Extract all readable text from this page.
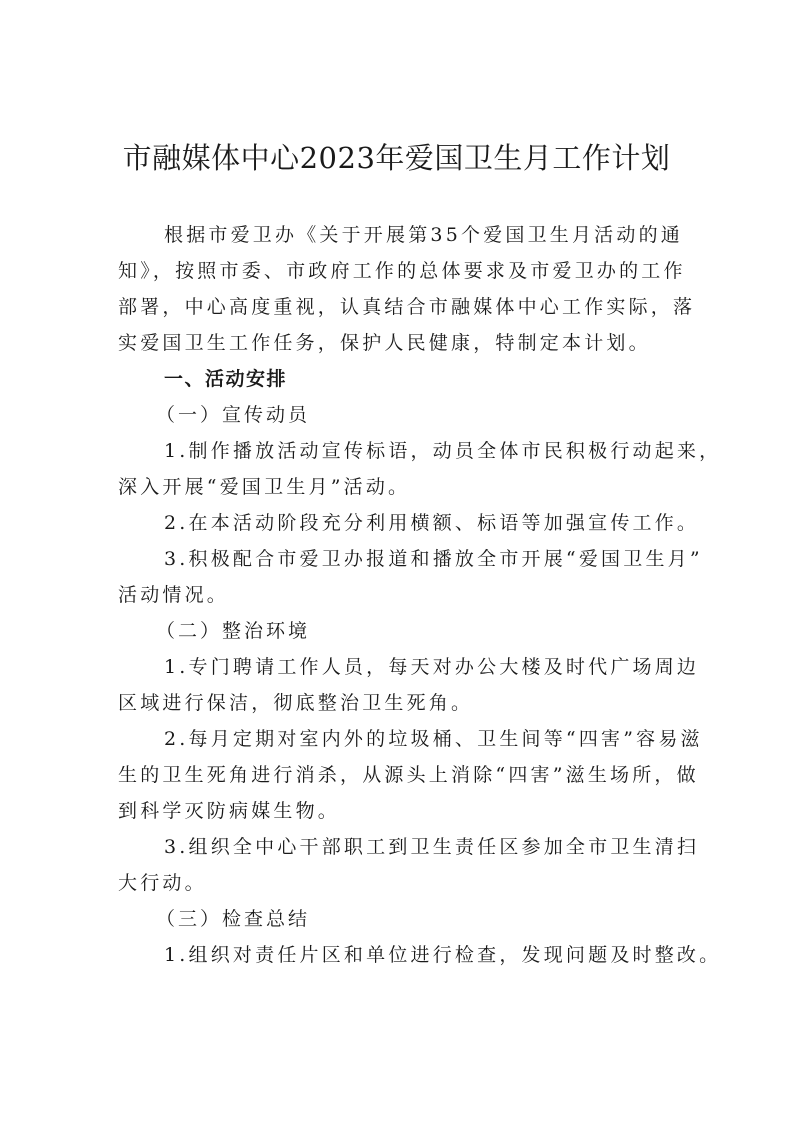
市融媒体中心2023年爱国卫生月工作计划
根据市爱卫办《关于开展第35个爱国卫生月活动的通
知》，按照市委、市政府工作的总体要求及市爱卫办的工作
部署，中心高度重视，认真结合市融媒体中心工作实际，落
实爱国卫生工作任务，保护人民健康，特制定本计划。
一、活动安排
（一）宣传动员
1.制作播放活动宣传标语，动员全体市民积极行动起来，
深入开展“爱国卫生月”活动。
2.在本活动阶段充分利用横额、标语等加强宣传工作。
3.积极配合市爱卫办报道和播放全市开展“爱国卫生月”
活动情况。
（二）整治环境
1.专门聘请工作人员，每天对办公大楼及时代广场周边
区域进行保洁，彻底整治卫生死角。
2.每月定期对室内外的垃圾桶、卫生间等“四害”容易滋
生的卫生死角进行消杀，从源头上消除“四害”滋生场所，做
到科学灭防病媒生物。
3.组织全中心干部职工到卫生责任区参加全市卫生清扫
大行动。
（三）检查总结
1.组织对责任片区和单位进行检查，发现问题及时整改。
